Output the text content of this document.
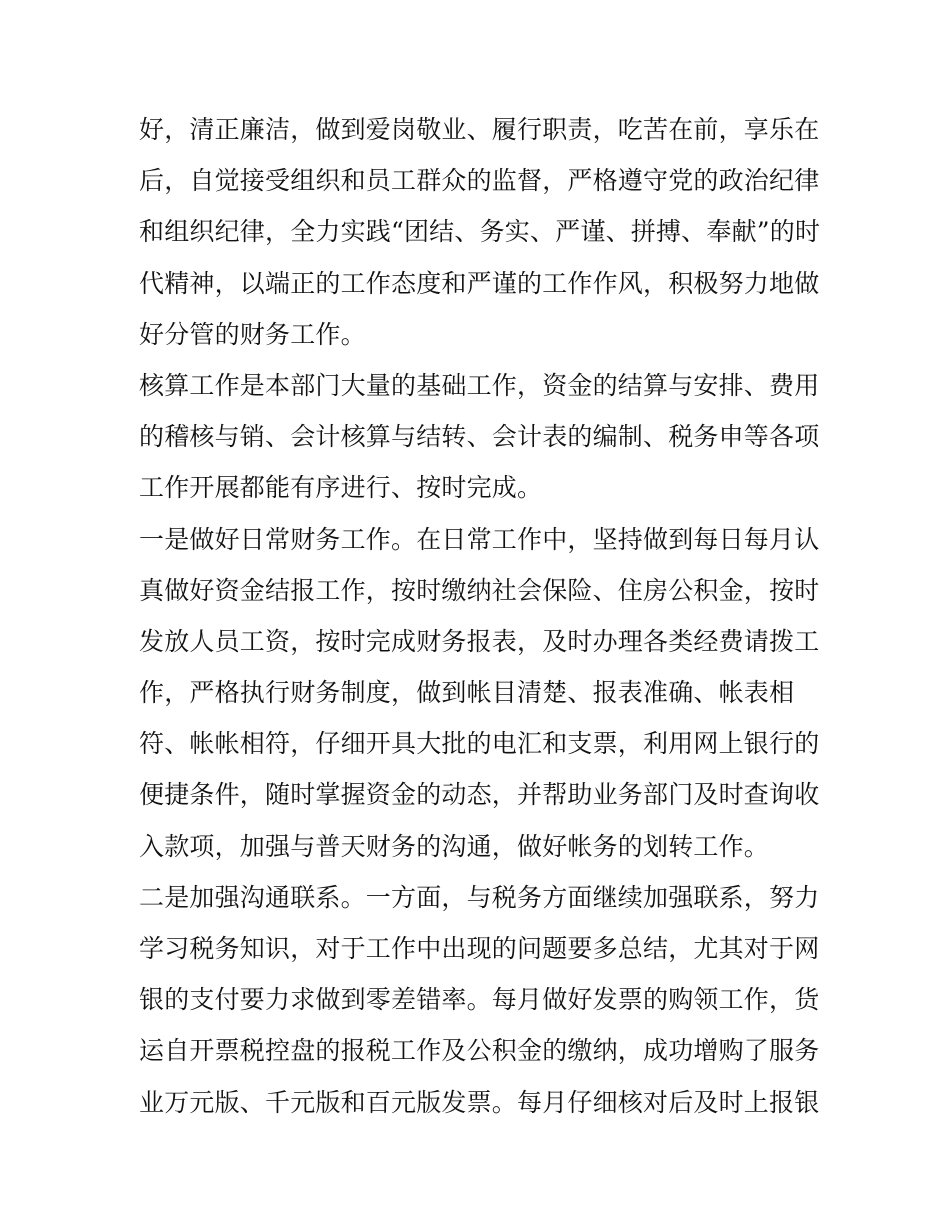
好，清正廉洁，做到爱岗敬业、履行职责，吃苦在前，享乐在
后，自觉接受组织和员工群众的监督，严格遵守党的政治纪律
和组织纪律，全力实践“团结、务实、严谨、拼搏、奉献”的时
代精神，以端正的工作态度和严谨的工作作风，积极努力地做
好分管的财务工作。
核算工作是本部门大量的基础工作，资金的结算与安排、费用
的稽核与销、会计核算与结转、会计表的编制、税务申等各项
工作开展都能有序进行、按时完成。
一是做好日常财务工作。在日常工作中，坚持做到每日每月认
真做好资金结报工作，按时缴纳社会保险、住房公积金，按时
发放人员工资，按时完成财务报表，及时办理各类经费请拨工
作，严格执行财务制度，做到帐目清楚、报表准确、帐表相
符、帐帐相符，仔细开具大批的电汇和支票，利用网上银行的
便捷条件，随时掌握资金的动态，并帮助业务部门及时查询收
入款项，加强与普天财务的沟通，做好帐务的划转工作。
二是加强沟通联系。一方面，与税务方面继续加强联系，努力
学习税务知识，对于工作中出现的问题要多总结，尤其对于网
银的支付要力求做到零差错率。每月做好发票的购领工作，货
运自开票税控盘的报税工作及公积金的缴纳，成功增购了服务
业万元版、千元版和百元版发票。每月仔细核对后及时上报银
